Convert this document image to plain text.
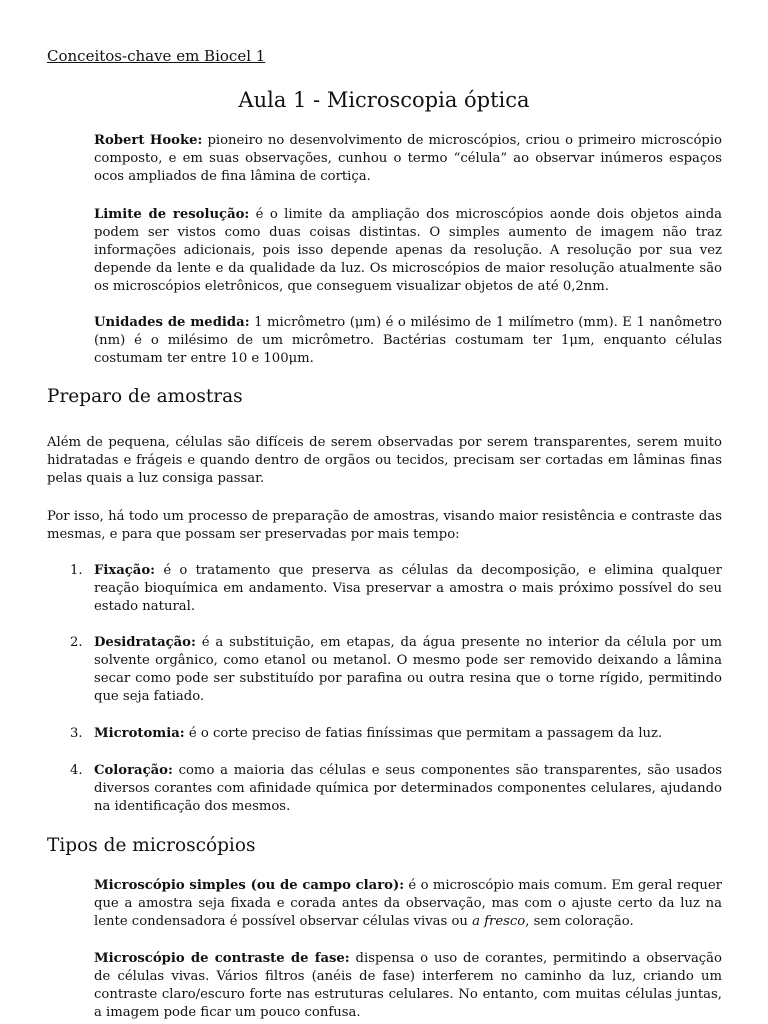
Conceitos-chave em Biocel 1
Aula 1 - Microscopia óptica
Robert Hooke: pioneiro no desenvolvimento de microscópios, criou o primeiro microscópio composto, e em suas observações, cunhou o termo “célula” ao observar inúmeros espaços ocos ampliados de fina lâmina de cortiça.
Limite de resolução: é o limite da ampliação dos microscópios aonde dois objetos ainda podem ser vistos como duas coisas distintas. O simples aumento de imagem não traz informações adicionais, pois isso depende apenas da resolução. A resolução por sua vez depende da lente e da qualidade da luz. Os microscópios de maior resolução atualmente são os microscópios eletrônicos, que conseguem visualizar objetos de até 0,2nm.
Unidades de medida: 1 micrômetro (μm) é o milésimo de 1 milímetro (mm). E 1 nanômetro (nm) é o milésimo de um micrômetro. Bactérias costumam ter 1μm, enquanto células costumam ter entre 10 e 100μm.
Preparo de amostras
Além de pequena, células são difíceis de serem observadas por serem transparentes, serem muito hidratadas e frágeis e quando dentro de orgãos ou tecidos, precisam ser cortadas em lâminas finas pelas quais a luz consiga passar.
Por isso, há todo um processo de preparação de amostras, visando maior resistência e contraste das mesmas, e para que possam ser preservadas por mais tempo:
1. Fixação: é o tratamento que preserva as células da decomposição, e elimina qualquer reação bioquímica em andamento. Visa preservar a amostra o mais próximo possível do seu estado natural.
2. Desidratação: é a substituição, em etapas, da água presente no interior da célula por um solvente orgânico, como etanol ou metanol. O mesmo pode ser removido deixando a lâmina secar como pode ser substituído por parafina ou outra resina que o torne rígido, permitindo que seja fatiado.
3. Microtomia: é o corte preciso de fatias finíssimas que permitam a passagem da luz.
4. Coloração: como a maioria das células e seus componentes são transparentes, são usados diversos corantes com afinidade química por determinados componentes celulares, ajudando na identificação dos mesmos.
Tipos de microscópios
Microscópio simples (ou de campo claro): é o microscópio mais comum. Em geral requer que a amostra seja fixada e corada antes da observação, mas com o ajuste certo da luz na lente condensadora é possível observar células vivas ou a fresco, sem coloração.
Microscópio de contraste de fase: dispensa o uso de corantes, permitindo a observação de células vivas. Vários filtros (anéis de fase) interferem no caminho da luz, criando um contraste claro/escuro forte nas estruturas celulares. No entanto, com muitas células juntas, a imagem pode ficar um pouco confusa.
